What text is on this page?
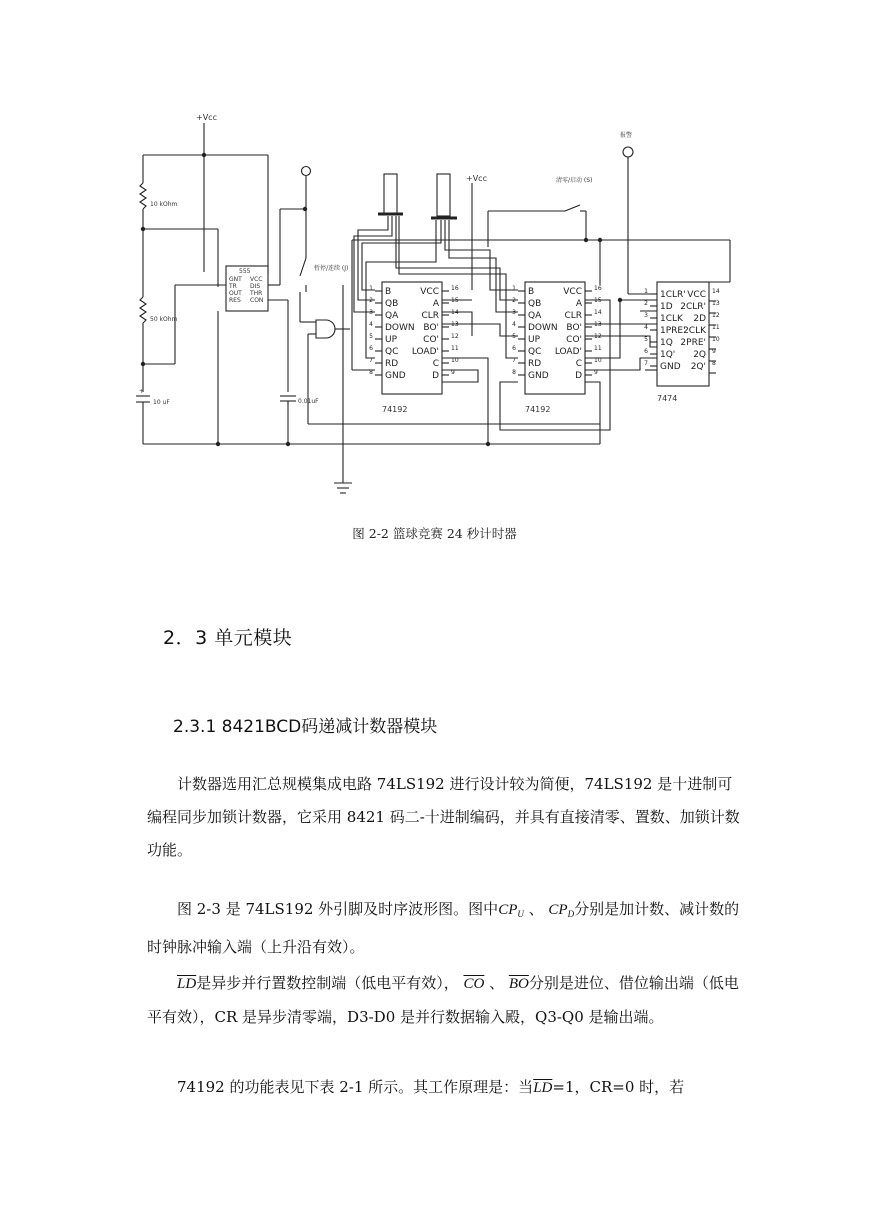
+Vcc
10 kOhm
50 kOhm
+
10 uF
555
GNT
TR
OUT
RES
VCC
DIS
THR
CON
0.01uF
暂停/连续 (J)
+Vcc	清零/启动 (S)
报警
74192	74192
7474
B	VCC
1	16
QB	A
2	15
QA	CLR
3	14
DOWN BO'
4	13
UP	CO'
5	12
QC LOAD'
6	11
RD	C
7	10
GND	D
8	9
B	VCC
1	16
QB	A
2	15
QA	CLR
3	14
DOWN BO'
4	13
UP	CO'
5	12
QC LOAD'
6	11
RD	C
7	10
GND	D
8	9
1CLR' VCC
1	14
1D 2CLR'
2	13
1CLK 2D
3	12
1PRE'
2CLK
4	11
1Q 2PRE'
5	10
1Q' 2Q
6	9
GND 2Q'
7	8
图 2-2 篮球竞赛 24 秒计时器
2．3 单元模块
2.3.1 8421BCD码递减计数器模块
计数器选用汇总规模集成电路 74LS192 进行设计较为简便，74LS192 是十进制可编程同步加锁计数器，它采用 8421 码二-十进制编码，并具有直接清零、置数、加锁计数功能。
图 2-3 是 74LS192 外引脚及时序波形图。图中$CP_U$ 、 $CP_D$分别是加计数、减计数的时钟脉冲输入端（上升沿有效）。
$\overline{LD}$是异步并行置数控制端（低电平有效）， $\overline{CO}$ 、 $\overline{BO}$分别是进位、借位输出端（低电平有效），CR 是异步清零端，D3-D0 是并行数据输入殿，Q3-Q0 是输出端。
74192 的功能表见下表 2-1 所示。其工作原理是：当$\overline{LD}=1$，CR=0 时，若
